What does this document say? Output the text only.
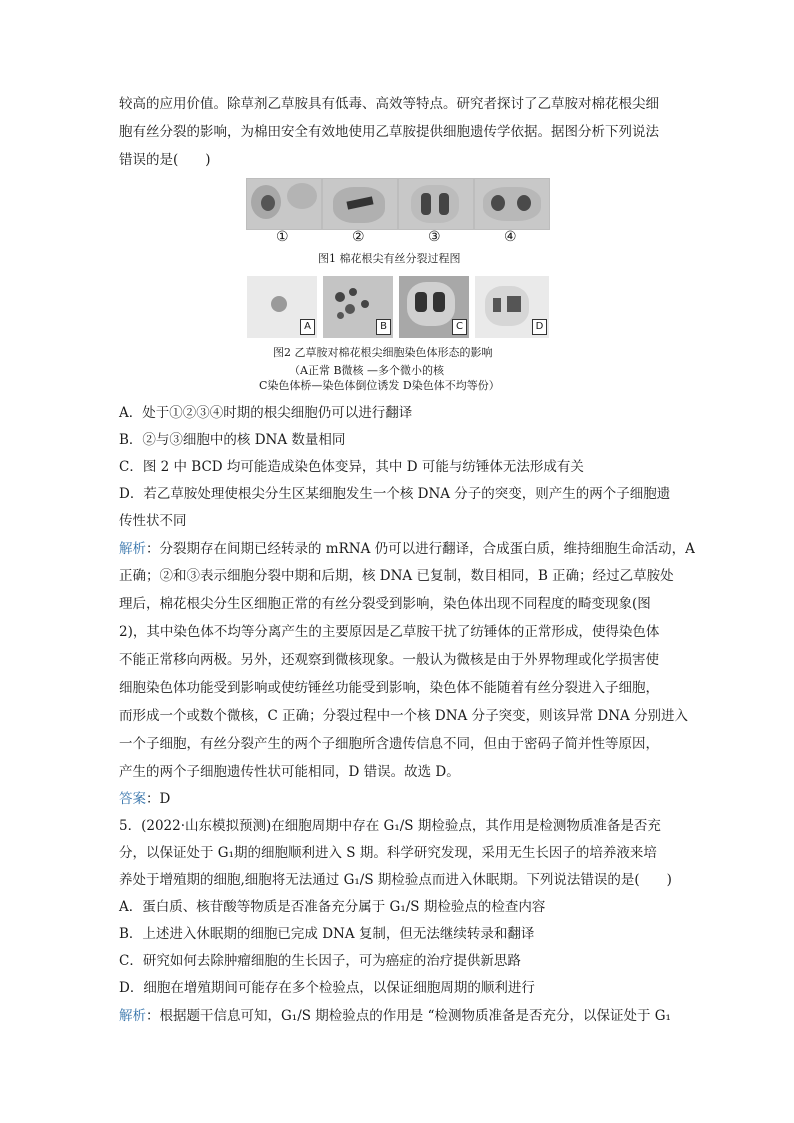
较高的应用价值。除草剂乙草胺具有低毒、高效等特点。研究者探讨了乙草胺对棉花根尖细
胞有丝分裂的影响，为棉田安全有效地使用乙草胺提供细胞遗传学依据。据图分析下列说法
错误的是(　　)
①	②	③	④
图1 棉花根尖有丝分裂过程图
A	B	C	D
图2 乙草胺对棉花根尖细胞染色体形态的影响
（A正常 B微核 —多个微小的核
C染色体桥—染色体倒位诱发 D染色体不均等份）
A．处于①②③④时期的根尖细胞仍可以进行翻译
B．②与③细胞中的核 DNA 数量相同
C．图 2 中 BCD 均可能造成染色体变异，其中 D 可能与纺锤体无法形成有关
D．若乙草胺处理使根尖分生区某细胞发生一个核 DNA 分子的突变，则产生的两个子细胞遗
传性状不同
解析：分裂期存在间期已经转录的 mRNA 仍可以进行翻译，合成蛋白质，维持细胞生命活动，A
正确；②和③表示细胞分裂中期和后期，核 DNA 已复制，数目相同，B 正确；经过乙草胺处
理后，棉花根尖分生区细胞正常的有丝分裂受到影响，染色体出现不同程度的畸变现象(图
2)，其中染色体不均等分离产生的主要原因是乙草胺干扰了纺锤体的正常形成，使得染色体
不能正常移向两极。另外，还观察到微核现象。一般认为微核是由于外界物理或化学损害使
细胞染色体功能受到影响或使纺锤丝功能受到影响，染色体不能随着有丝分裂进入子细胞，
而形成一个或数个微核，C 正确；分裂过程中一个核 DNA 分子突变，则该异常 DNA 分别进入
一个子细胞，有丝分裂产生的两个子细胞所含遗传信息不同，但由于密码子简并性等原因，
产生的两个子细胞遗传性状可能相同，D 错误。故选 D。
答案：D
5．(2022·山东模拟预测)在细胞周期中存在 G₁/S 期检验点，其作用是检测物质准备是否充
分，以保证处于 G₁期的细胞顺利进入 S 期。科学研究发现，采用无生长因子的培养液来培
养处于增殖期的细胞,细胞将无法通过 G₁/S 期检验点而进入休眠期。下列说法错误的是(　　)
A．蛋白质、核苷酸等物质是否准备充分属于 G₁/S 期检验点的检查内容
B．上述进入休眠期的细胞已完成 DNA 复制，但无法继续转录和翻译
C．研究如何去除肿瘤细胞的生长因子，可为癌症的治疗提供新思路
D．细胞在增殖期间可能存在多个检验点，以保证细胞周期的顺利进行
解析：根据题干信息可知，G₁/S 期检验点的作用是 “检测物质准备是否充分，以保证处于 G₁
